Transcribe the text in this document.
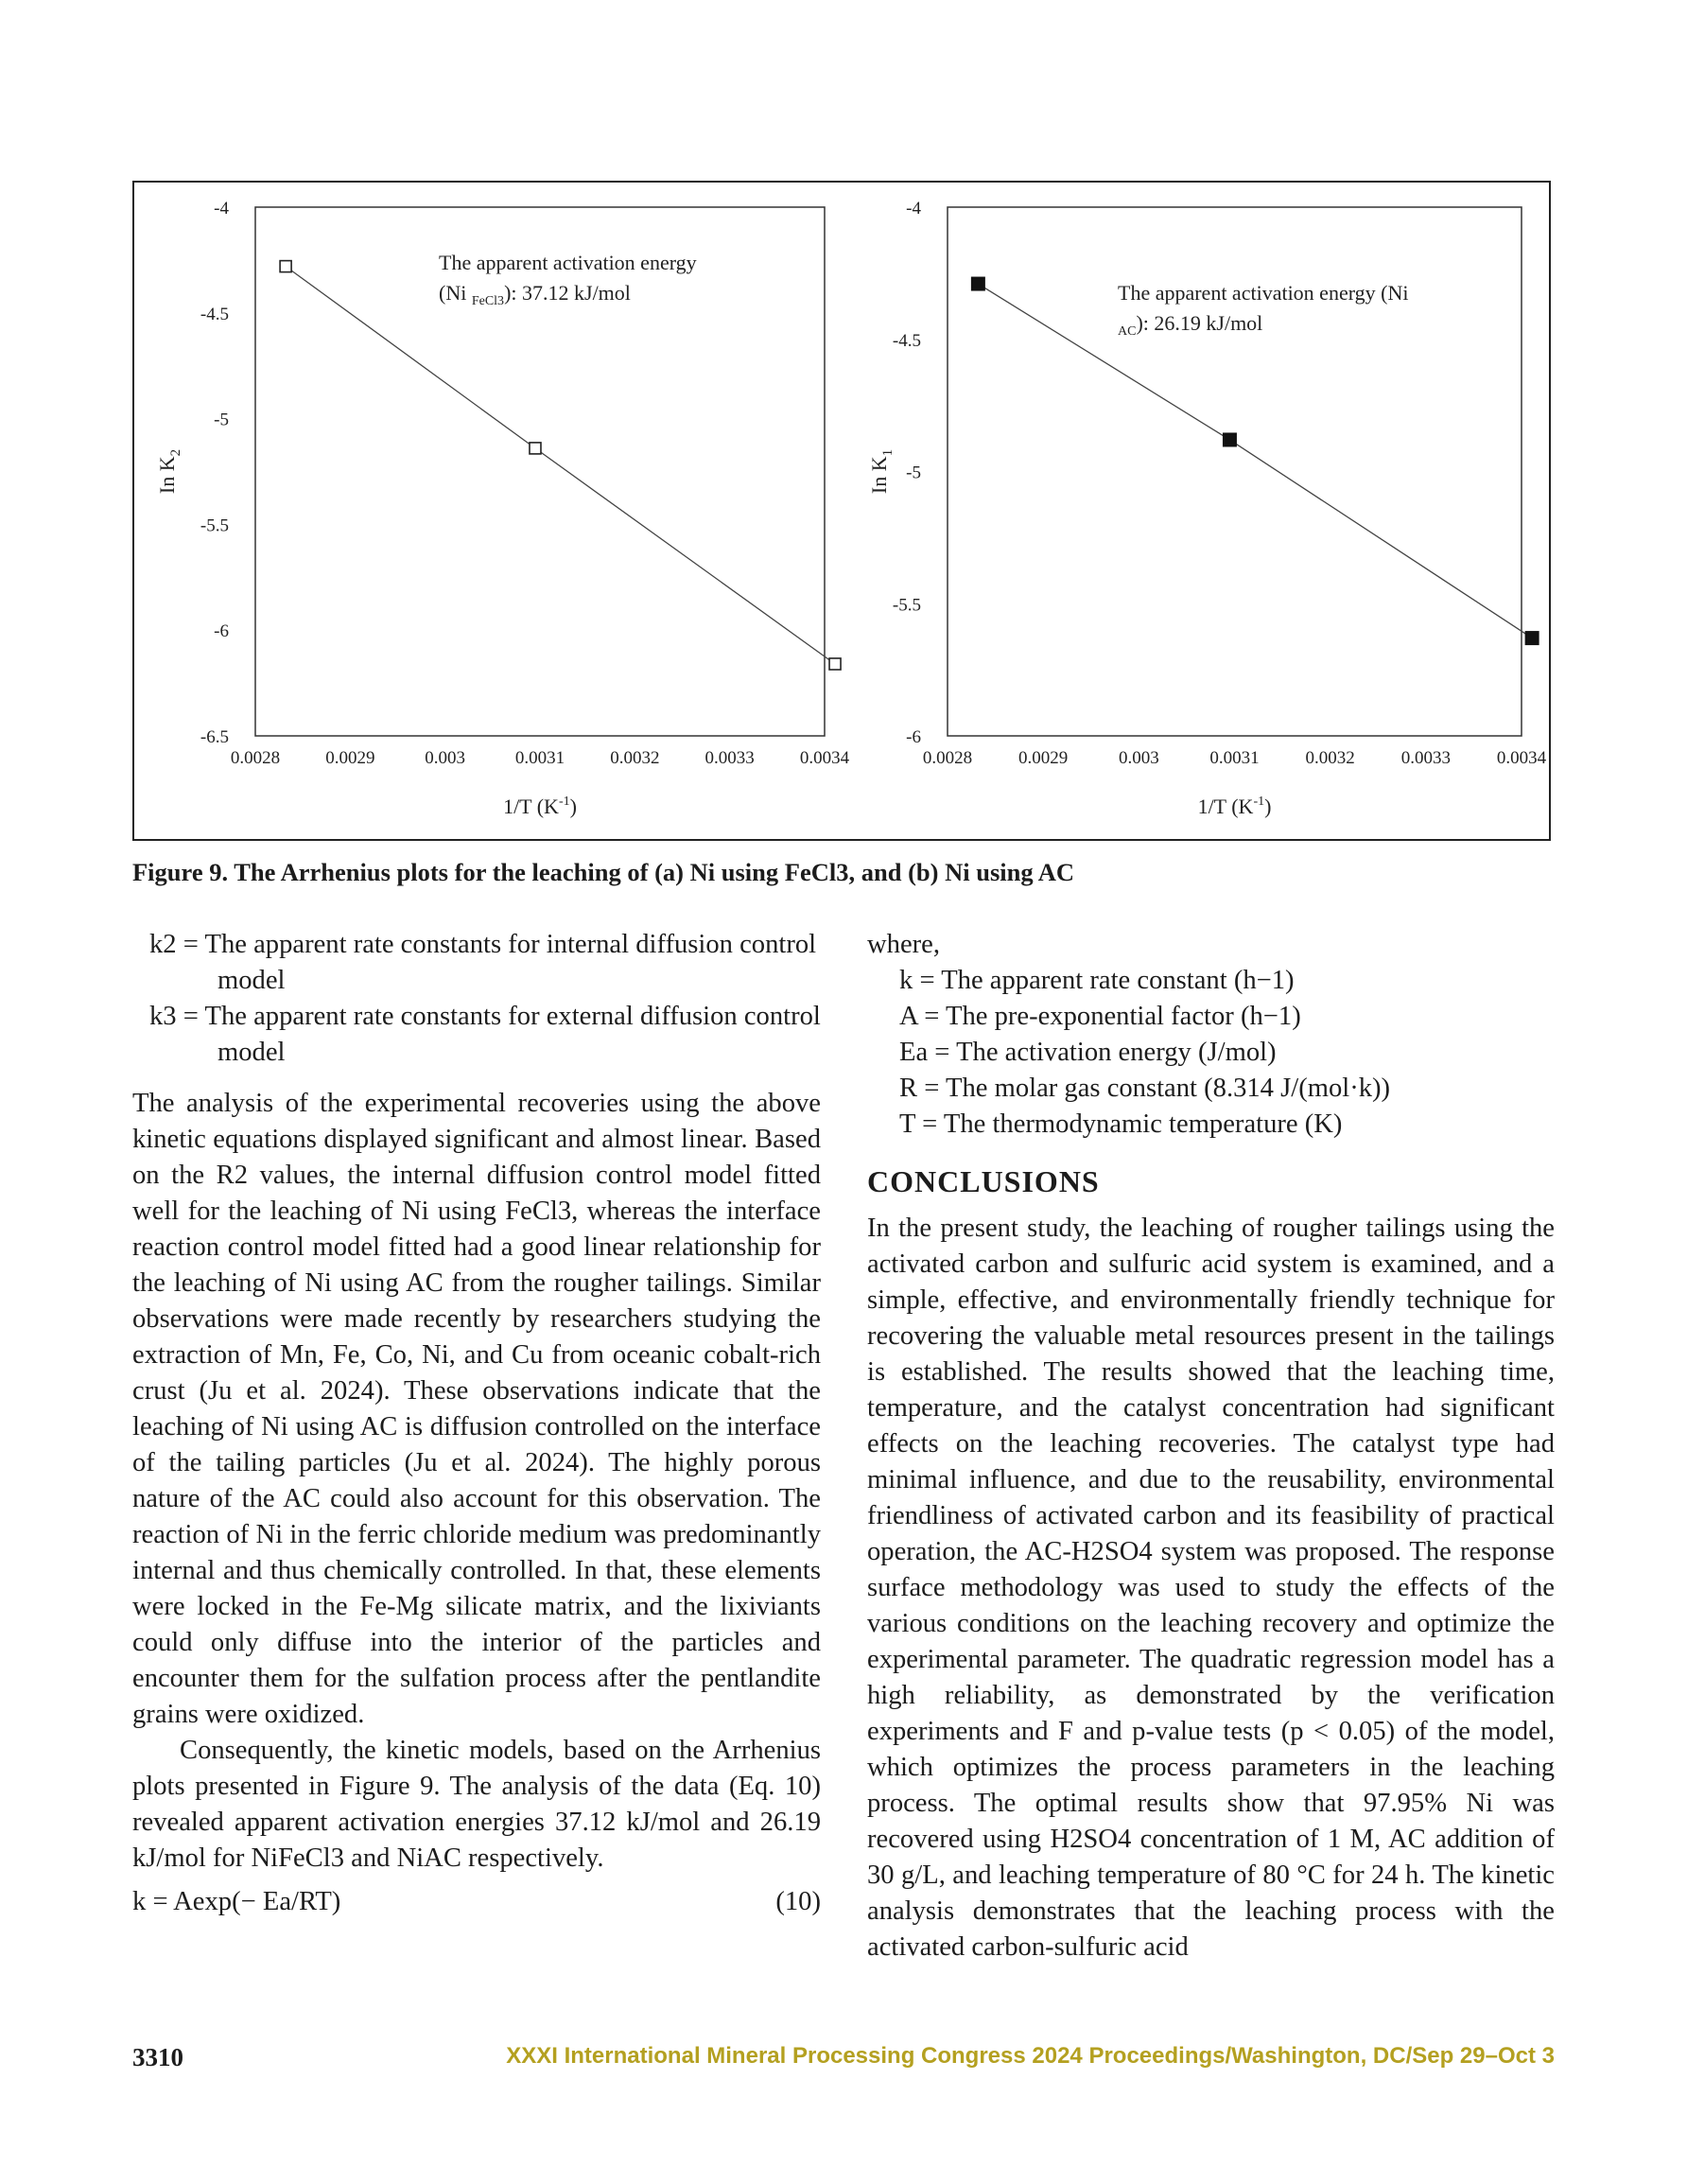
-4
-4.5
-5
-5.5
-6
-6.5
0.0028	0.0029	0.003	0.0031	0.0032	0.0033	0.0034
1/T $(K^{-1})$
In $K_2$
The apparent activation energy
(Ni $_{FeCl3}$): 37.12 kJ/mol
-4
-4.5
-5
-5.5
-6
0.0028	0.0029	0.003	0.0031	0.0032	0.0033	0.0034
1/T $(K^{-1})$
In $K_1$
The apparent activation energy (Ni
$_{AC}$): 26.19 kJ/mol
Figure 9. The Arrhenius plots for the leaching of (a) Ni using FeCl3, and (b) Ni using AC
k2 = The apparent rate constants for internal diffusion control model
k3 = The apparent rate constants for external diffusion control model

The analysis of the experimental recoveries using the above kinetic equations displayed significant and almost linear. Based on the R2 values, the internal diffusion control model fitted well for the leaching of Ni using FeCl3, whereas the interface reaction control model fitted had a good linear relationship for the leaching of Ni using AC from the rougher tailings. Similar observations were made recently by researchers studying the extraction of Mn, Fe, Co, Ni, and Cu from oceanic cobalt-rich crust (Ju et al. 2024). These observations indicate that the leaching of Ni using AC is diffusion controlled on the interface of the tailing particles (Ju et al. 2024). The highly porous nature of the AC could also account for this observation. The reaction of Ni in the ferric chloride medium was predominantly internal and thus chemically controlled. In that, these elements were locked in the Fe-Mg silicate matrix, and the lixiviants could only diffuse into the interior of the particles and encounter them for the sulfation process after the pentlandite grains were oxidized.

Consequently, the kinetic models, based on the Arrhenius plots presented in Figure 9. The analysis of the data (Eq. 10) revealed apparent activation energies 37.12 kJ/mol and 26.19 kJ/mol for NiFeCl3 and NiAC respectively.

k = Aexp(− Ea/RT)	(10)
where,
k = The apparent rate constant (h−1)
A = The pre-exponential factor (h−1)
Ea = The activation energy (J/mol)
R = The molar gas constant (8.314 J/(mol·k))
T = The thermodynamic temperature (K)
CONCLUSIONS

In the present study, the leaching of rougher tailings using the activated carbon and sulfuric acid system is examined, and a simple, effective, and environmentally friendly technique for recovering the valuable metal resources present in the tailings is established. The results showed that the leaching time, temperature, and the catalyst concentration had significant effects on the leaching recoveries. The catalyst type had minimal influence, and due to the reusability, environmental friendliness of activated carbon and its feasibility of practical operation, the AC-H2SO4 system was proposed. The response surface methodology was used to study the effects of the various conditions on the leaching recovery and optimize the experimental parameter. The quadratic regression model has a high reliability, as demonstrated by the verification experiments and F and p-value tests (p < 0.05) of the model, which optimizes the process parameters in the leaching process. The optimal results show that 97.95% Ni was recovered using H2SO4 concentration of 1 M, AC addition of 30 g/L, and leaching temperature of 80 °C for 24 h. The kinetic analysis demonstrates that the leaching process with the activated carbon-sulfuric acid

3310	XXXI International Mineral Processing Congress 2024 Proceedings/Washington, DC/Sep 29–Oct 3
